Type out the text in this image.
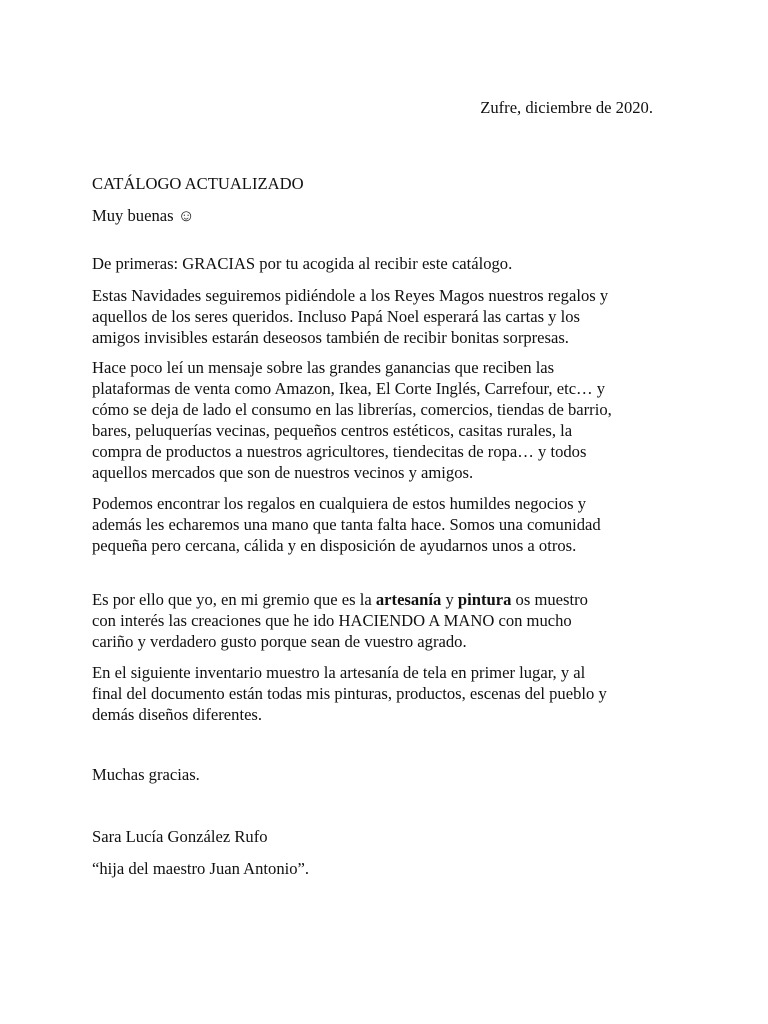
Zufre, diciembre de 2020.
CATÁLOGO ACTUALIZADO
Muy buenas ☺
De primeras: GRACIAS por tu acogida al recibir este catálogo.
Estas Navidades seguiremos pidiéndole a los Reyes Magos nuestros regalos y
aquellos de los seres queridos. Incluso Papá Noel esperará las cartas y los
amigos invisibles estarán deseosos también de recibir bonitas sorpresas.
Hace poco leí un mensaje sobre las grandes ganancias que reciben las
plataformas de venta como Amazon, Ikea, El Corte Inglés, Carrefour, etc… y
cómo se deja de lado el consumo en las librerías, comercios, tiendas de barrio,
bares, peluquerías vecinas, pequeños centros estéticos, casitas rurales, la
compra de productos a nuestros agricultores, tiendecitas de ropa… y todos
aquellos mercados que son de nuestros vecinos y amigos.
Podemos encontrar los regalos en cualquiera de estos humildes negocios y
además les echaremos una mano que tanta falta hace. Somos una comunidad
pequeña pero cercana, cálida y en disposición de ayudarnos unos a otros.
Es por ello que yo, en mi gremio que es la artesanía y pintura os muestro
con interés las creaciones que he ido HACIENDO A MANO con mucho
cariño y verdadero gusto porque sean de vuestro agrado.
En el siguiente inventario muestro la artesanía de tela en primer lugar, y al
final del documento están todas mis pinturas, productos, escenas del pueblo y
demás diseños diferentes.
Muchas gracias.
Sara Lucía González Rufo
“hija del maestro Juan Antonio”.
